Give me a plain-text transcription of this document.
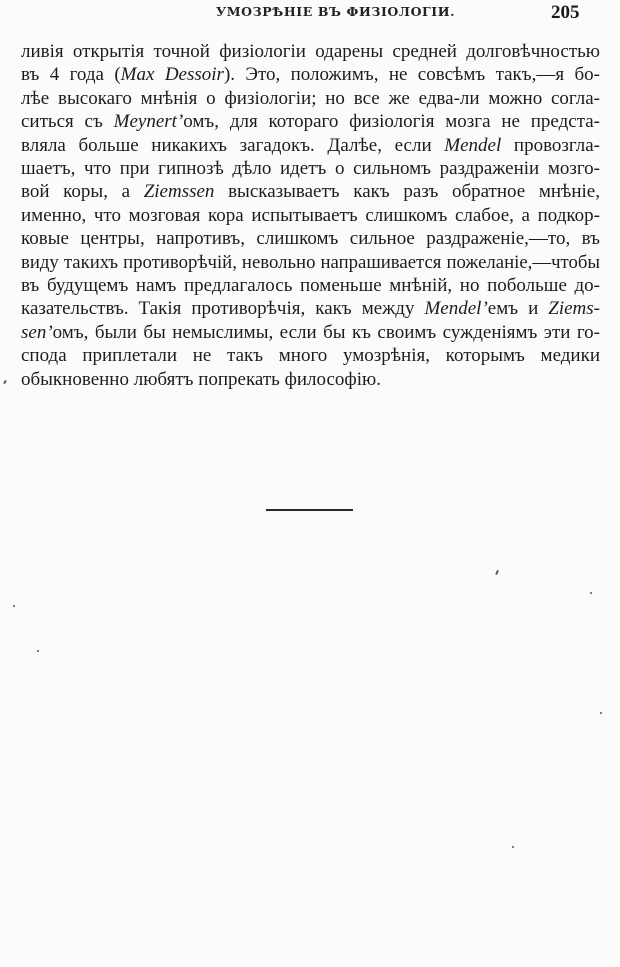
УМОЗРѢНІЕ ВЪ ФИЗІОЛОГІИ.	205
ливія открытія точной физіологіи одарены средней долговѣчностью
въ 4 года (Max Dessoir). Это, положимъ, не совсѣмъ такъ,—я бо-
лѣе высокаго мнѣнія о физіологіи; но все же едва-ли можно согла-
ситься съ Meynert’омъ, для котораго физіологія мозга не предста-
вляла больше никакихъ загадокъ. Далѣе, если Mendel провозгла-
шаетъ, что при гипнозѣ дѣло идетъ о сильномъ раздраженіи мозго-
вой коры, а Ziemssen высказываетъ какъ разъ обратное мнѣніе,
именно, что мозговая кора испытываетъ слишкомъ слабое, а подкор-
ковые центры, напротивъ, слишкомъ сильное раздраженіе,—то, въ
виду такихъ противорѣчій, невольно напрашивается пожеланіе,—чтобы
въ будущемъ намъ предлагалось поменьше мнѣній, но побольше до-
казательствъ. Такія противорѣчія, какъ между Mendel’емъ и Ziems-
sen’омъ, были бы немыслимы, если бы къ своимъ сужденіямъ эти го-
спода приплетали не такъ много умозрѣнія, которымъ медики
обыкновенно любятъ попрекать философію.
